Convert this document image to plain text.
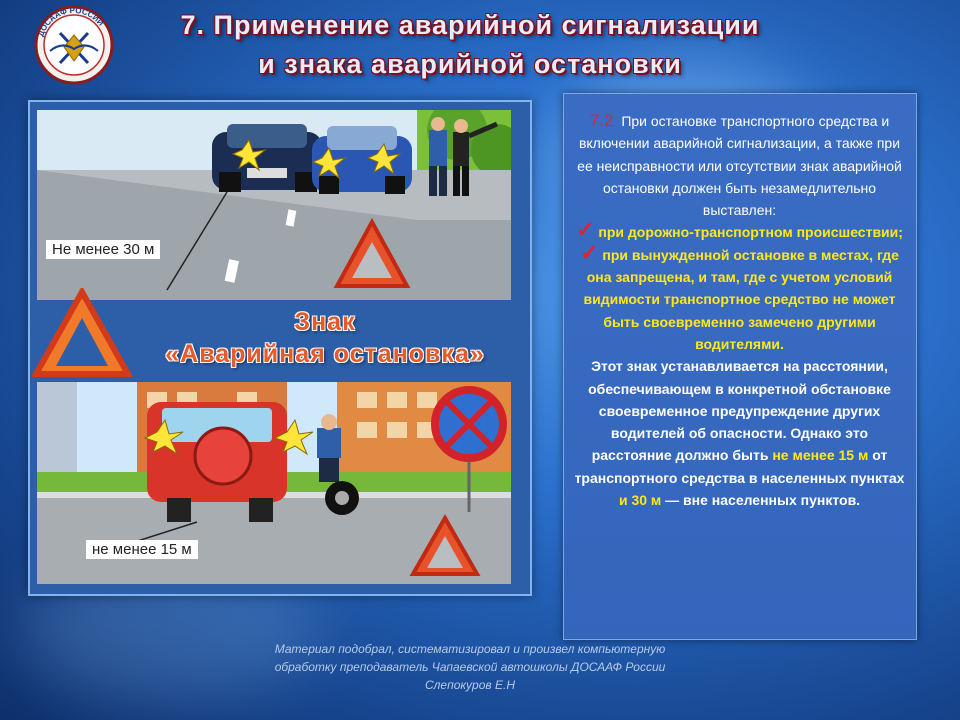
ДОСААФ РОССИИ	7. Применение аварийной сигнализации
и знака аварийной остановки
Не менее 30 м
Знак
«Аварийная остановка»
не менее 15 м
7.2 При остановке транспортного средства и включении аварийной сигнализации, а также при ее неисправности или отсутствии знак аварийной остановки должен быть незамедлительно выставлен:
✓ при дорожно-транспортном происшествии;
✓ при вынужденной остановке в местах, где она запрещена, и там, где с учетом условий видимости транспортное средство не может быть своевременно замечено другими водителями.
Этот знак устанавливается на расстоянии, обеспечивающем в конкретной обстановке своевременное предупреждение других водителей об опасности. Однако это расстояние должно быть не менее 15 м от транспортного средства в населенных пунктах и 30 м — вне населенных пунктов.
Материал подобрал, систематизировал и произвел компьютерную обработку преподаватель Чапаевской автошколы ДОСААФ России Слепокуров Е.Н
